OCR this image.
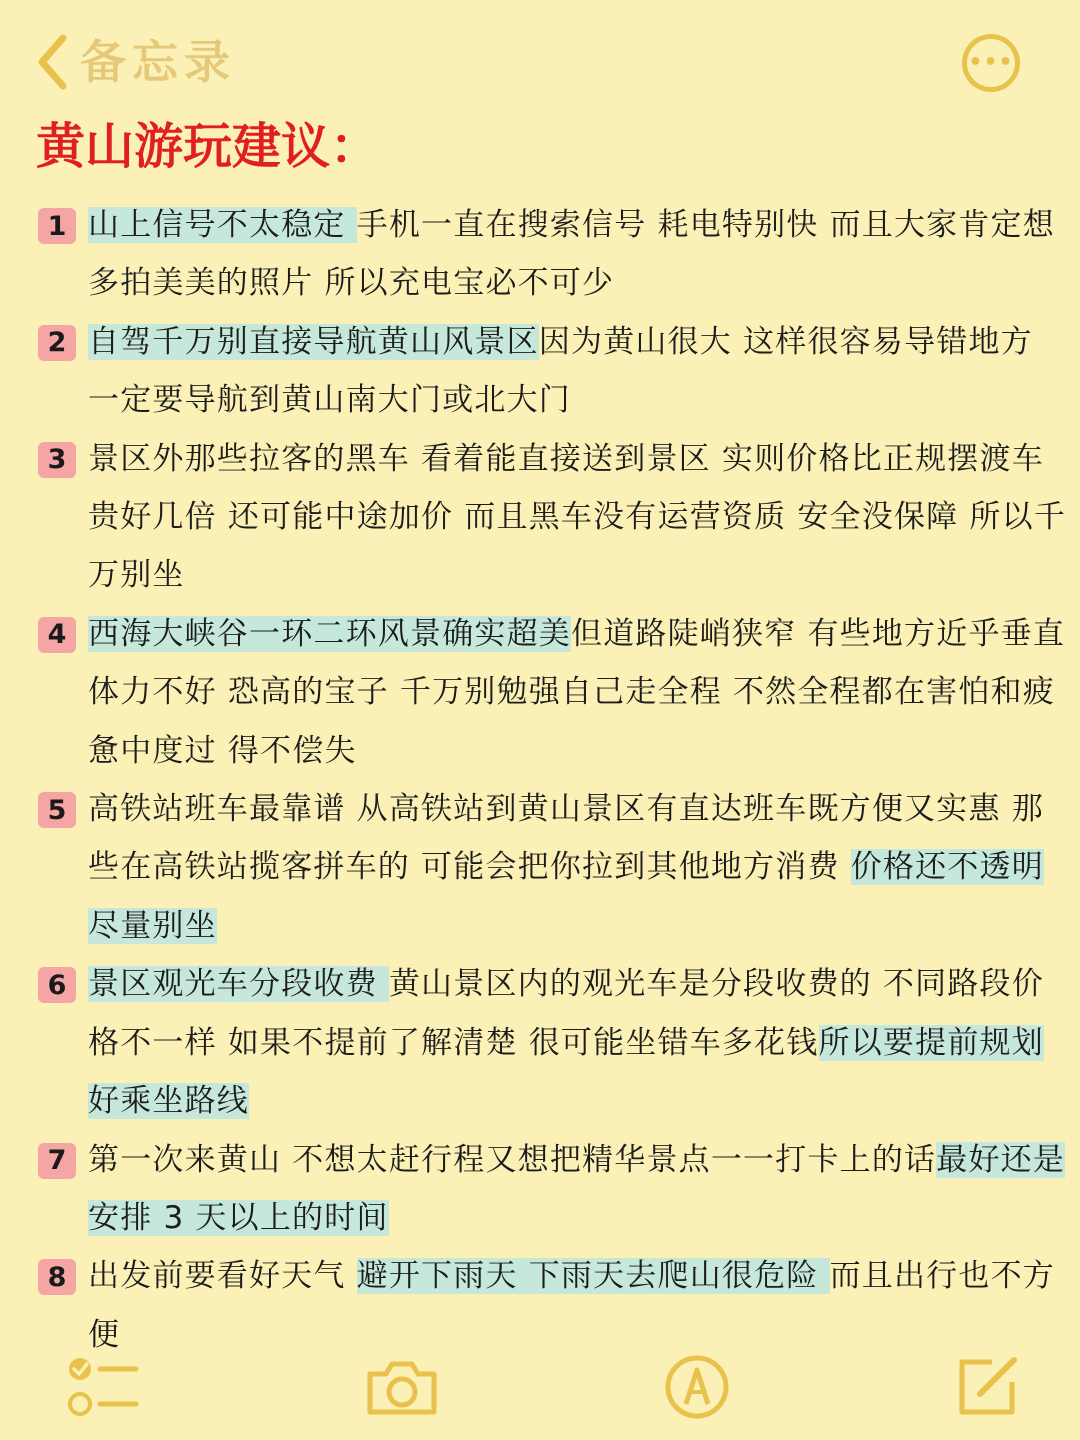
备忘录	•••
黄山游玩建议：
1 山上信号不太稳定 手机一直在搜索信号 耗电特别快 而且大家肯定想多拍美美的照片 所以充电宝必不可少

2 自驾千万别直接导航黄山风景区因为黄山很大 这样很容易导错地方 一定要导航到黄山南大门或北大门

3 景区外那些拉客的黑车 看着能直接送到景区 实则价格比正规摆渡车贵好几倍 还可能中途加价 而且黑车没有运营资质 安全没保障 所以千万别坐

4 西海大峡谷一环二环风景确实超美但道路陡峭狭窄 有些地方近乎垂直 体力不好 恐高的宝子 千万别勉强自己走全程 不然全程都在害怕和疲惫中度过 得不偿失

5 高铁站班车最靠谱 从高铁站到黄山景区有直达班车既方便又实惠 那些在高铁站揽客拼车的 可能会把你拉到其他地方消费 价格还不透明 尽量别坐

6 景区观光车分段收费 黄山景区内的观光车是分段收费的 不同路段价格不一样 如果不提前了解清楚 很可能坐错车多花钱所以要提前规划好乘坐路线

7 第一次来黄山 不想太赶行程又想把精华景点一一打卡上的话最好还是安排 3 天以上的时间

8 出发前要看好天气 避开下雨天 下雨天去爬山很危险 而且出行也不方便
